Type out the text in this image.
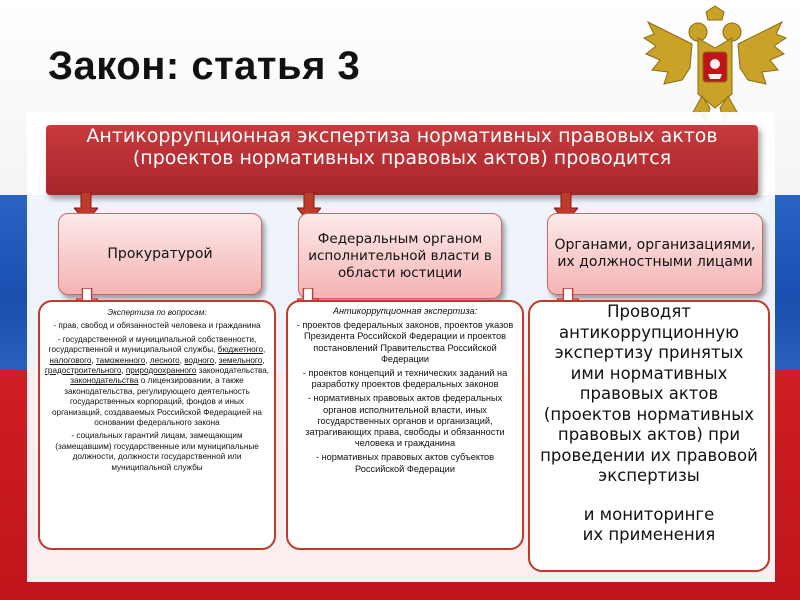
Закон: статья 3
Антикоррупционная экспертиза нормативных правовых актов (проектов нормативных правовых актов) проводится
Прокуратурой
Федеральным органом исполнительной власти в области юстиции
Органами, организациями, их должностными лицами

Экспертиза по вопросам:

- прав, свобод и обязанностей человека и гражданина

- государственной и муниципальной собственности, государственной и муниципальной службы, бюджетного, налогового, таможенного, лесного, водного, земельного, градостроительного, природоохранного законодательства, законодательства о лицензировании, а также законодательства, регулирующего деятельность государственных корпораций, фондов и иных организаций, создаваемых Российской Федерацией на основании федерального закона

- социальных гарантий лицам, замещающим (замещавшим) государственные или муниципальные должности, должности государственной или муниципальной службы

Антикоррупционная экспертиза:

- проектов федеральных законов, проектов указов Президента Российской Федерации и проектов постановлений Правительства Российской Федерации

- проектов концепций и технических заданий на разработку проектов федеральных законов

- нормативных правовых актов федеральных органов исполнительной власти, иных государственных органов и организаций, затрагивающих права, свободы и обязанности человека и гражданина

- нормативных правовых актов субъектов Российской Федерации

Проводят антикоррупционную экспертизу принятых ими нормативных правовых актов (проектов нормативных правовых актов) при проведении их правовой экспертизы

и мониторинге их применения
